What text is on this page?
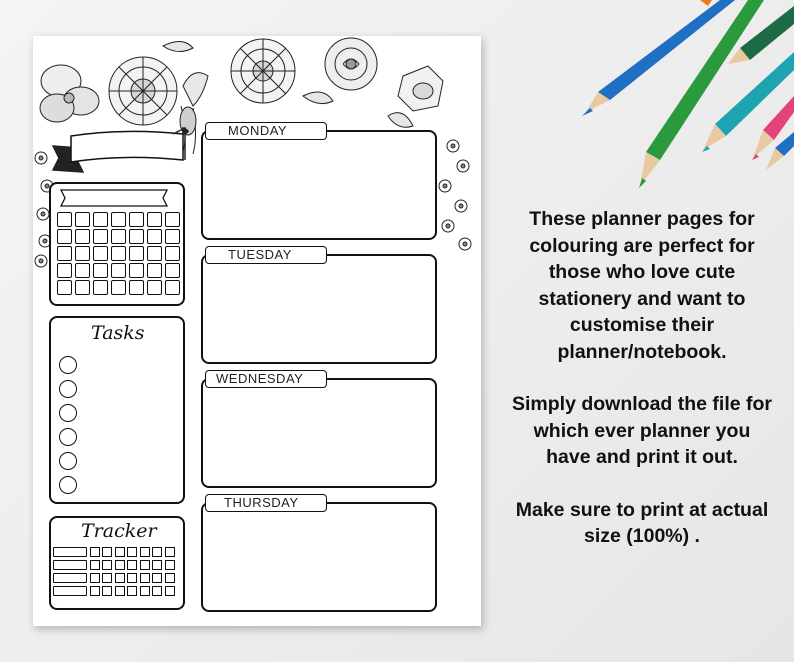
Tasks
Tracker
MONDAY
TUESDAY
WEDNESDAY
THURSDAY

These planner pages for colouring are perfect for those who love cute stationery and want to customise their planner/notebook.

Simply download the file for which ever planner you have and print it out.

Make sure to print at actual size (100%) .
